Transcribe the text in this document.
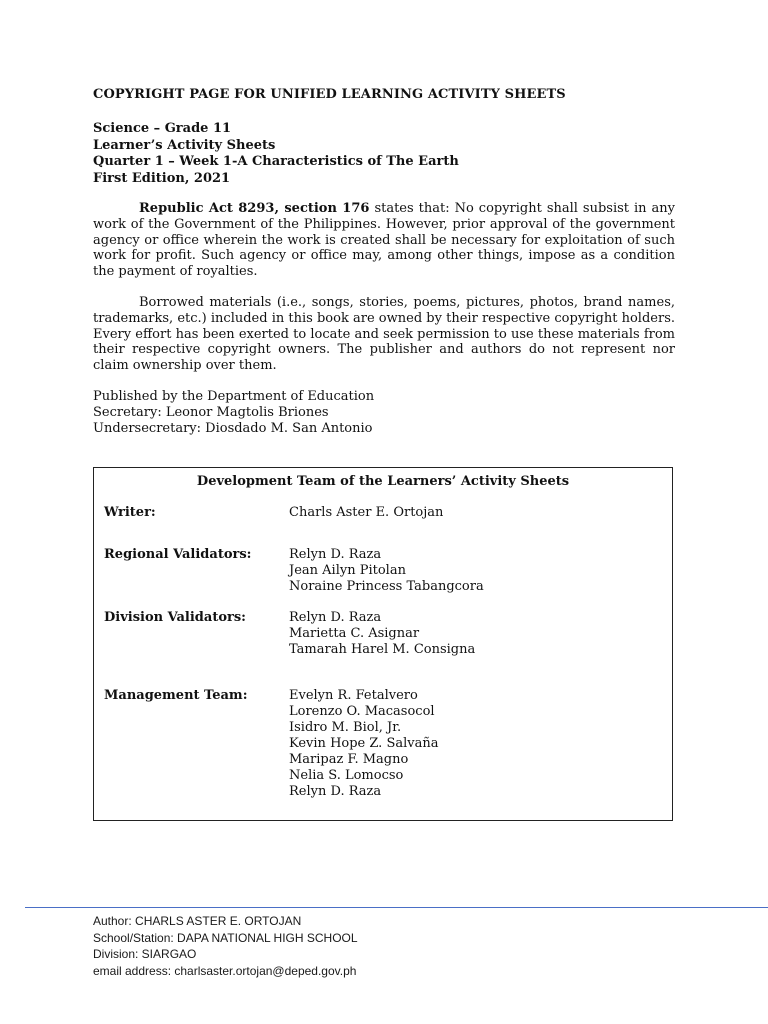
COPYRIGHT PAGE FOR UNIFIED LEARNING ACTIVITY SHEETS
Science – Grade 11
Learner’s Activity Sheets
Quarter 1 – Week 1-A Characteristics of The Earth
First Edition, 2021
Republic Act 8293, section 176 states that: No copyright shall subsist in any work of the Government of the Philippines. However, prior approval of the government agency or office wherein the work is created shall be necessary for exploitation of such work for profit. Such agency or office may, among other things, impose as a condition the payment of royalties.
Borrowed materials (i.e., songs, stories, poems, pictures, photos, brand names, trademarks, etc.) included in this book are owned by their respective copyright holders. Every effort has been exerted to locate and seek permission to use these materials from their respective copyright owners. The publisher and authors do not represent nor claim ownership over them.
Published by the Department of Education
Secretary: Leonor Magtolis Briones
Undersecretary: Diosdado M. San Antonio
Development Team of the Learners’ Activity Sheets
Writer:	Charls Aster E. Ortojan
Regional Validators:	Relyn D. Raza
Jean Ailyn Pitolan
Noraine Princess Tabangcora
Division Validators:	Relyn D. Raza
Marietta C. Asignar
Tamarah Harel M. Consigna
Management Team:	Evelyn R. Fetalvero
Lorenzo O. Macasocol
Isidro M. Biol, Jr.
Kevin Hope Z. Salvaña
Maripaz F. Magno
Nelia S. Lomocso
Relyn D. Raza
Author: CHARLS ASTER E. ORTOJAN
School/Station: DAPA NATIONAL HIGH SCHOOL
Division: SIARGAO
email address: charlsaster.ortojan@deped.gov.ph
